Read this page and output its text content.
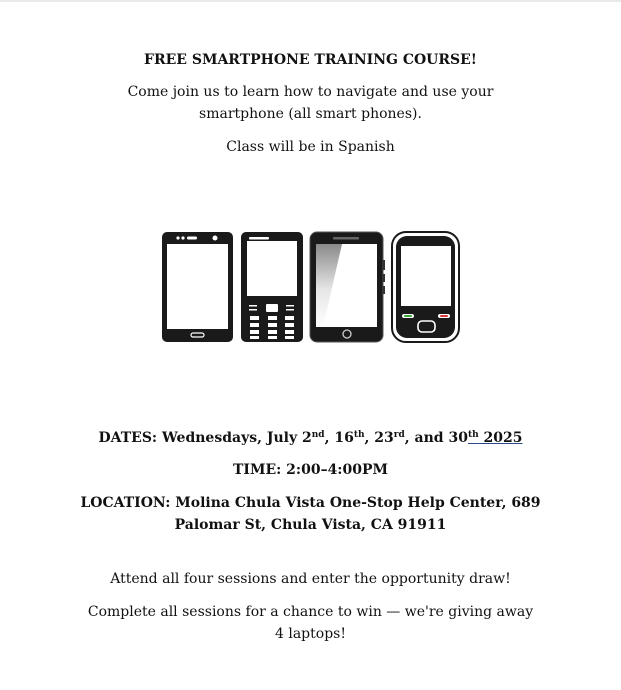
FREE SMARTPHONE TRAINING COURSE!
Come join us to learn how to navigate and use your
smartphone (all smart phones).
Class will be in Spanish
DATES: Wednesdays, July 2nd, 16th, 23rd, and 30th 2025
TIME: 2:00–4:00PM
LOCATION: Molina Chula Vista One-Stop Help Center, 689
Palomar St, Chula Vista, CA 91911
Attend all four sessions and enter the opportunity draw!
Complete all sessions for a chance to win — we're giving away
4 laptops!
